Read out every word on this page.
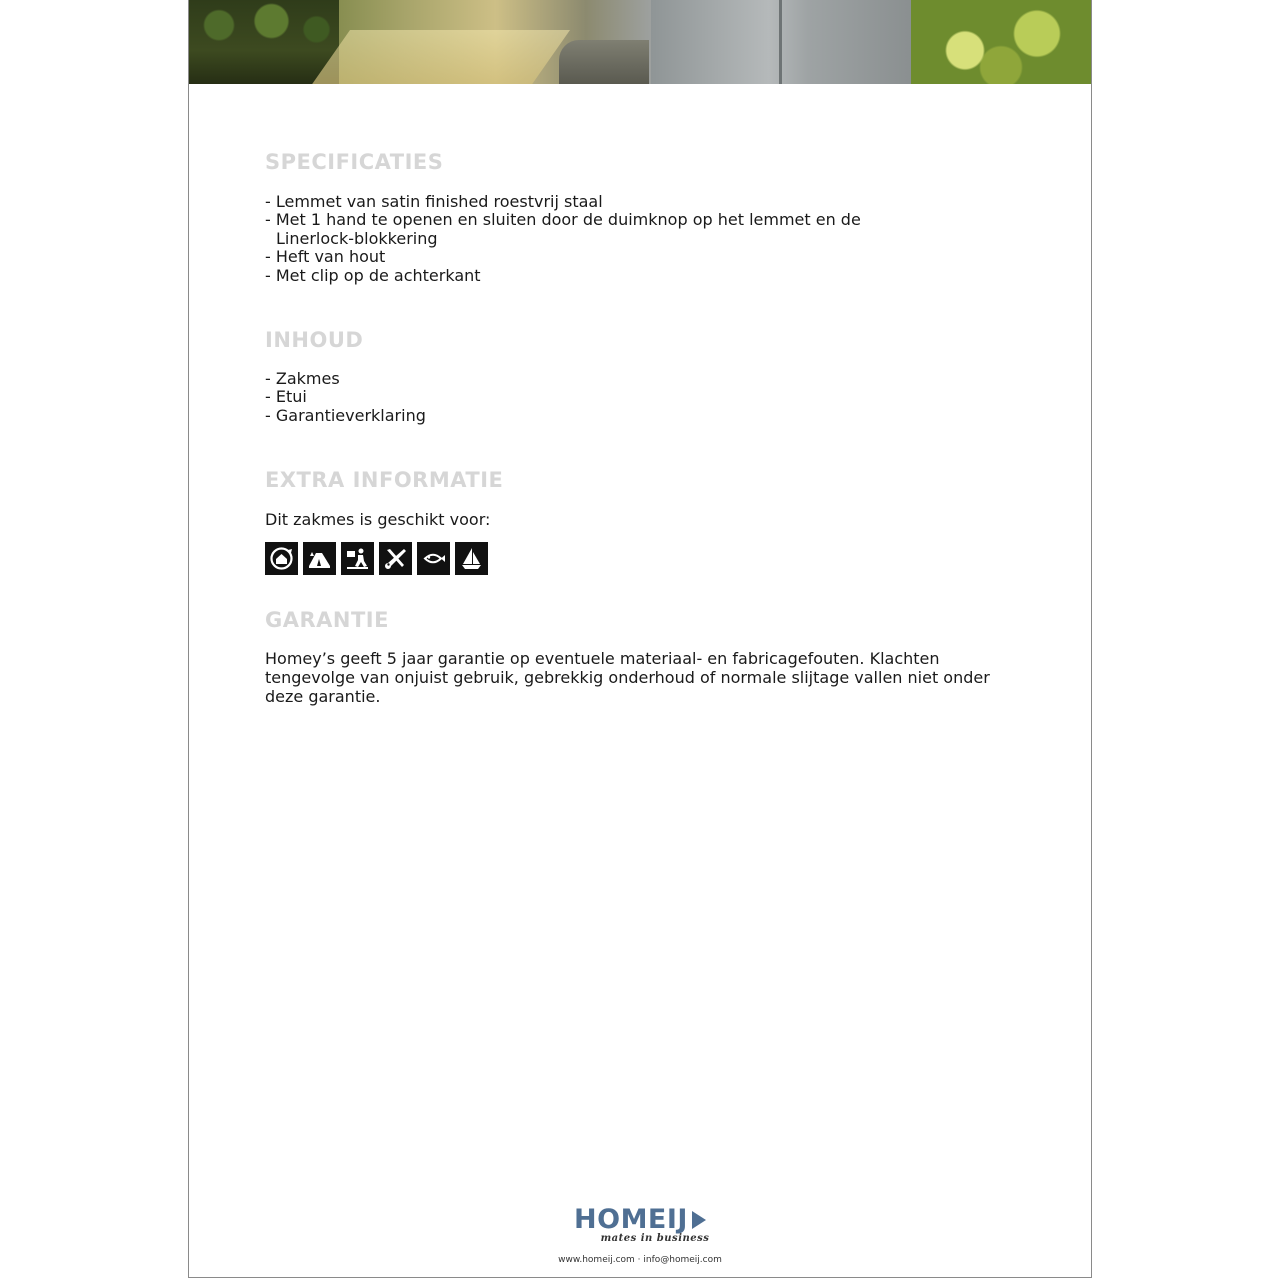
SPECIFICATIES
- Lemmet van satin finished roestvrij staal
- Met 1 hand te openen en sluiten door de duimknop op het lemmet en de
Linerlock-blokkering
- Heft van hout
- Met clip op de achterkant
INHOUD
- Zakmes
- Etui
- Garantieverklaring
EXTRA INFORMATIE

Dit zakmes is geschikt voor:

GARANTIE

Homey’s geeft 5 jaar garantie op eventuele materiaal- en fabricagefouten. Klachten tengevolge van onjuist gebruik, gebrekkig onderhoud of normale slijtage vallen niet onder deze garantie.

HOMEIJ
mates in business
www.homeij.com · info@homeij.com
